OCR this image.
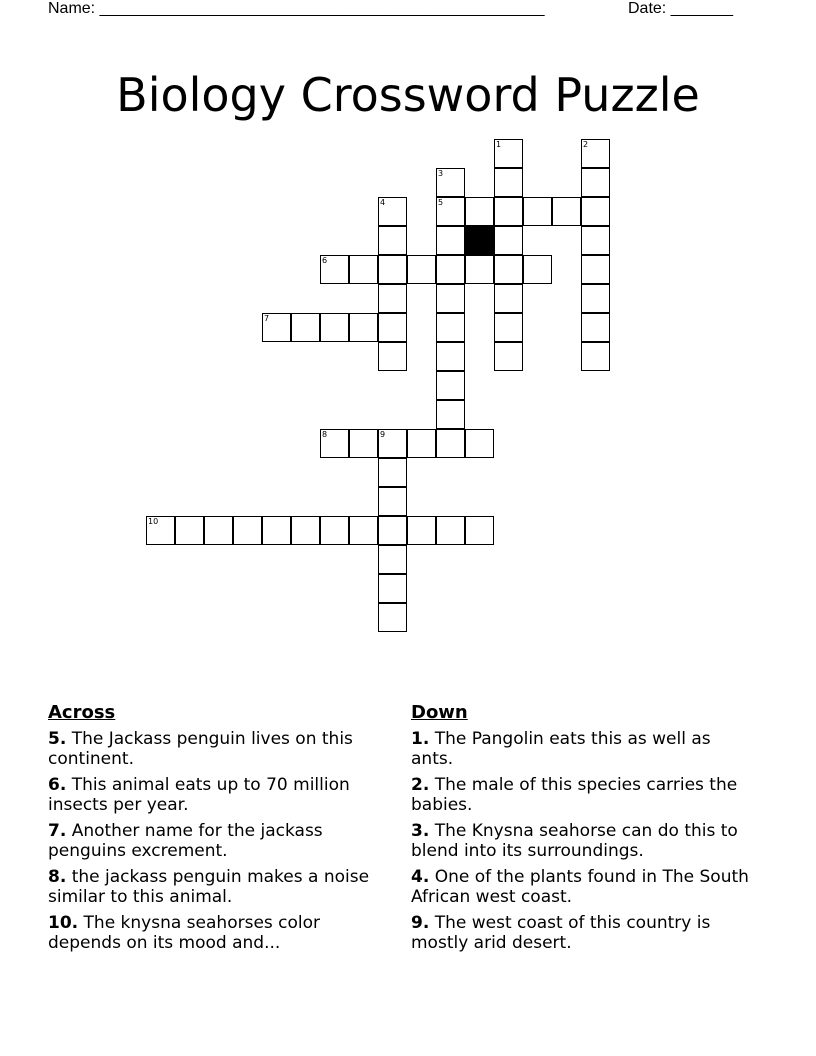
Name: __________________________________________________	Date: _______
Biology Crossword Puzzle
1	2
3
5
4
6
7
8	9
10
Across
5. The Jackass penguin lives on this continent.
6. This animal eats up to 70 million insects per year.
7. Another name for the jackass penguins excrement.
8. the jackass penguin makes a noise similar to this animal.
10. The knysna seahorses color depends on its mood and...
Down
1. The Pangolin eats this as well as ants.
2. The male of this species carries the babies.
3. The Knysna seahorse can do this to blend into its surroundings.
4. One of the plants found in The South African west coast.
9. The west coast of this country is mostly arid desert.
